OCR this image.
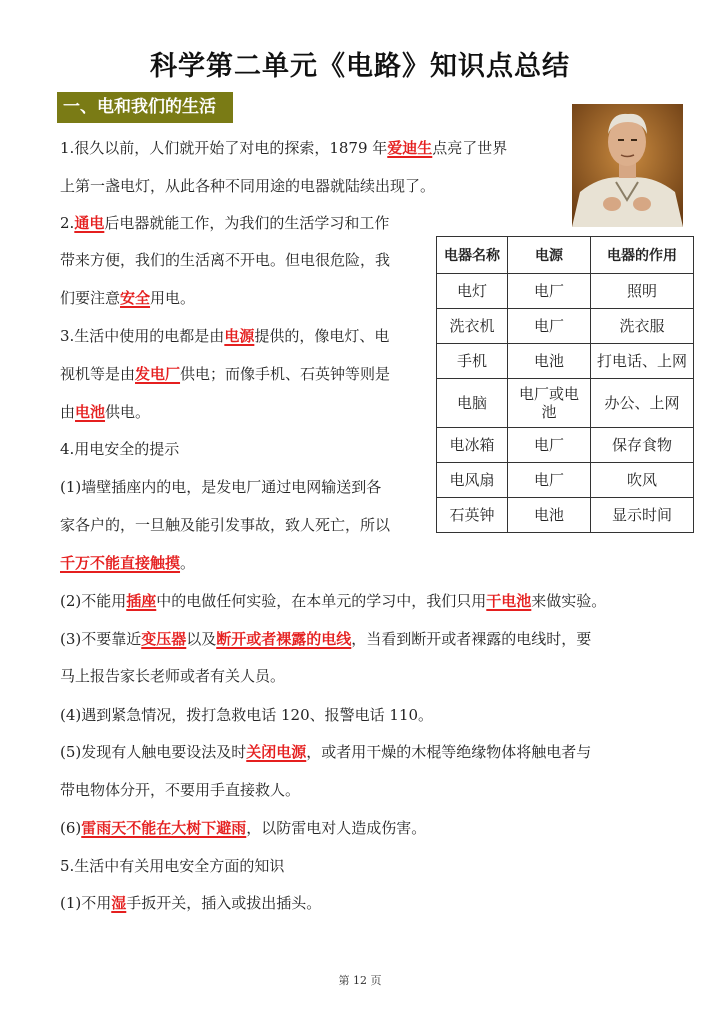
科学第二单元《电路》知识点总结
一、电和我们的生活
1.很久以前，人们就开始了对电的探索，1879 年爱迪生点亮了世界
上第一盏电灯，从此各种不同用途的电器就陆续出现了。
2.通电后电器就能工作，为我们的生活学习和工作
带来方便，我们的生活离不开电。但电很危险，我
们要注意安全用电。
3.生活中使用的电都是由电源提供的，像电灯、电
视机等是由发电厂供电；而像手机、石英钟等则是
由电池供电。
4.用电安全的提示
(1)墙壁插座内的电，是发电厂通过电网输送到各
家各户的，一旦触及能引发事故，致人死亡，所以
千万不能直接触摸。
(2)不能用插座中的电做任何实验，在本单元的学习中，我们只用干电池来做实验。
(3)不要靠近变压器以及断开或者裸露的电线，当看到断开或者裸露的电线时，要
马上报告家长老师或者有关人员。
(4)遇到紧急情况，拨打急救电话 120、报警电话 110。
(5)发现有人触电要设法及时关闭电源，或者用干燥的木棍等绝缘物体将触电者与
带电物体分开，不要用手直接救人。
(6)雷雨天不能在大树下避雨，以防雷电对人造成伤害。
5.生活中有关用电安全方面的知识
(1)不用湿手扳开关，插入或拔出插头。
电器名称	电源	电器的作用
电灯	电厂	照明
洗衣机	电厂	洗衣服
手机	电池	打电话、上网
电脑	电厂或电池	办公、上网
电冰箱	电厂	保存食物
电风扇	电厂	吹风
石英钟	电池	显示时间
第 12 页
